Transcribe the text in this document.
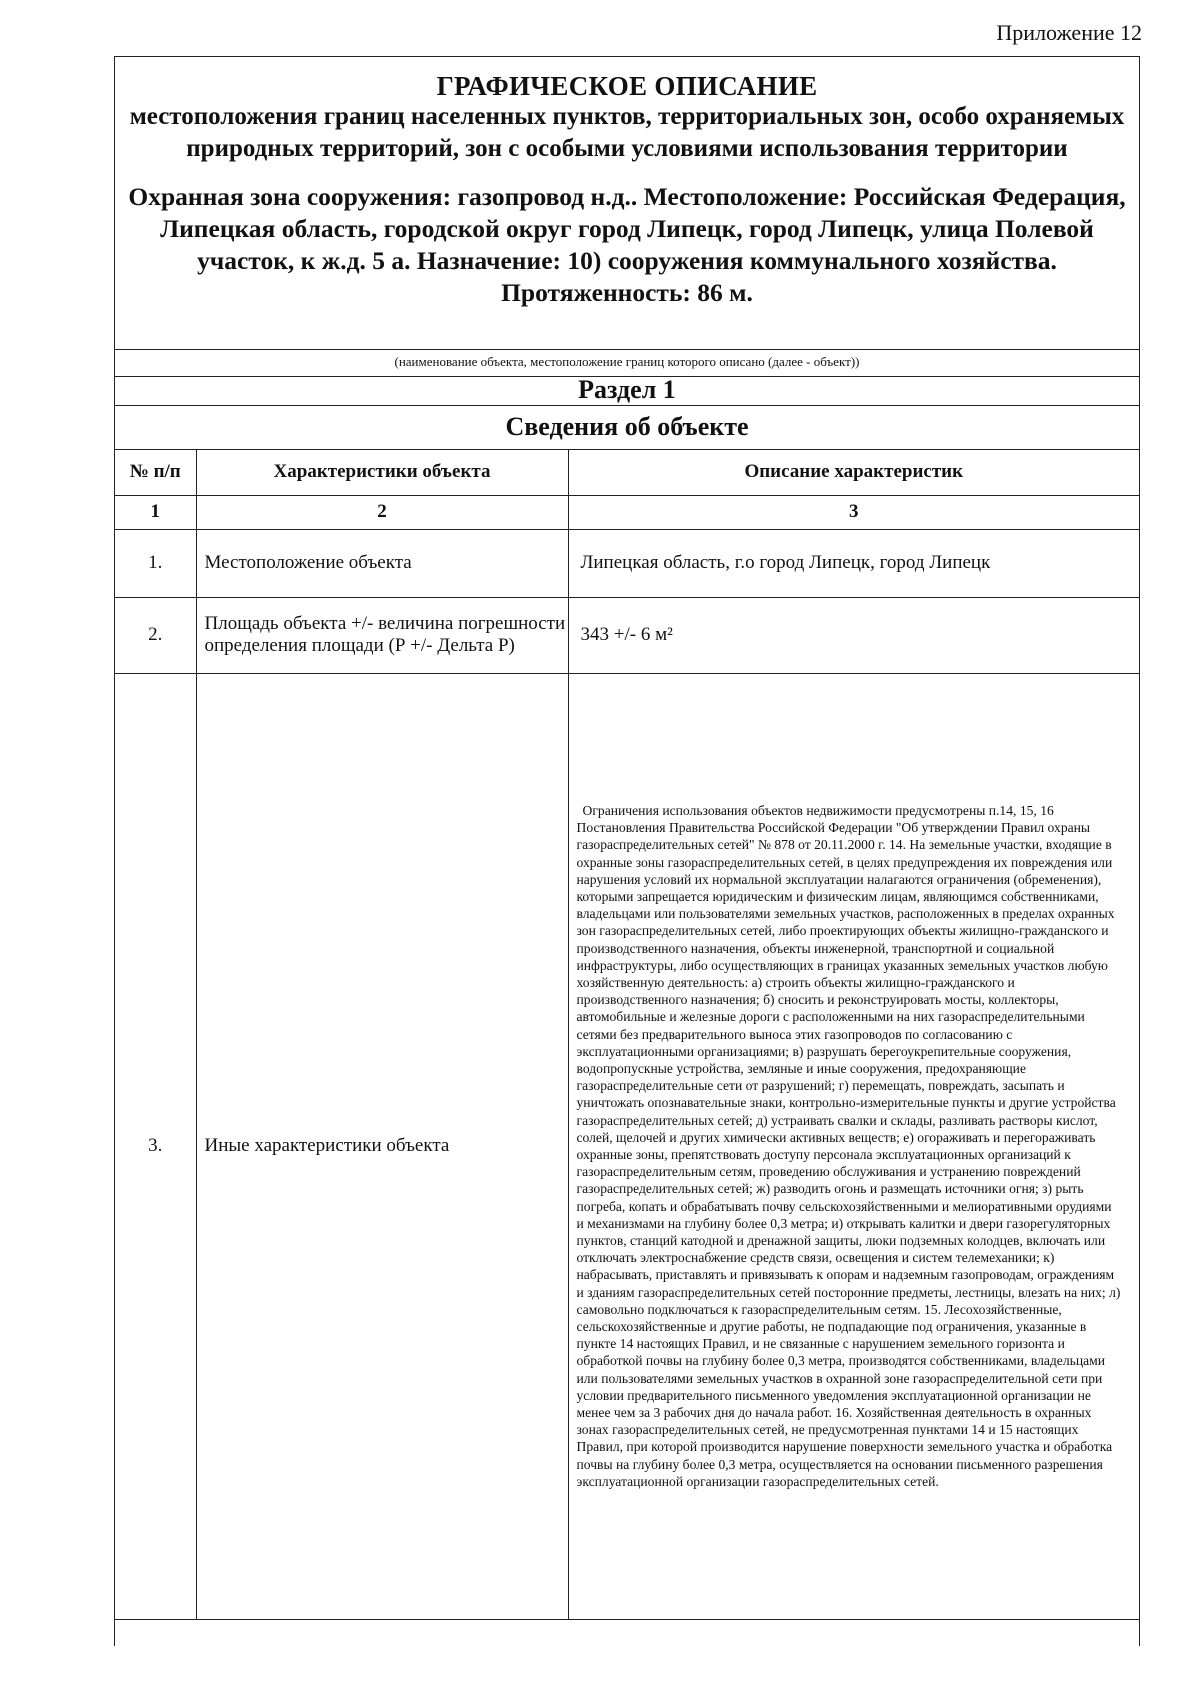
Приложение 12
ГРАФИЧЕСКОЕ ОПИСАНИЕ
местоположения границ населенных пунктов, территориальных зон, особо охраняемых природных территорий, зон с особыми условиями использования территории
Охранная зона сооружения: газопровод н.д.. Местоположение: Российская Федерация, Липецкая область, городской округ город Липецк, город Липецк, улица Полевой участок, к ж.д. 5 а. Назначение: 10) сооружения коммунального хозяйства. Протяженность: 86 м.
(наименование объекта, местоположение границ которого описано (далее - объект))
Раздел 1
Сведения об объекте
№ п/п	Характеристики объекта	Описание характеристик
1	2	3
1.	Местоположение объекта	Липецкая область, г.о город Липецк, город Липецк
2.	Площадь объекта +/- величина погрешности определения площади (Р +/- Дельта Р)	343 +/- 6 м²
3.	Иные характеристики объекта	Ограничения использования объектов недвижимости предусмотрены п.14, 15, 16 Постановления Правительства Российской Федерации "Об утверждении Правил охраны газораспределительных сетей" № 878 от 20.11.2000 г. 14. На земельные участки, входящие в охранные зоны газораспределительных сетей, в целях предупреждения их повреждения или нарушения условий их нормальной эксплуатации налагаются ограничения (обременения), которыми запрещается юридическим и физическим лицам, являющимся собственниками, владельцами или пользователями земельных участков, расположенных в пределах охранных зон газораспределительных сетей, либо проектирующих объекты жилищно-гражданского и производственного назначения, объекты инженерной, транспортной и социальной инфраструктуры, либо осуществляющих в границах указанных земельных участков любую хозяйственную деятельность: а) строить объекты жилищно-гражданского и производственного назначения; б) сносить и реконструировать мосты, коллекторы, автомобильные и железные дороги с расположенными на них газораспределительными сетями без предварительного выноса этих газопроводов по согласованию с эксплуатационными организациями; в) разрушать берегоукрепительные сооружения, водопропускные устройства, земляные и иные сооружения, предохраняющие газораспределительные сети от разрушений; г) перемещать, повреждать, засыпать и уничтожать опознавательные знаки, контрольно-измерительные пункты и другие устройства газораспределительных сетей; д) устраивать свалки и склады, разливать растворы кислот, солей, щелочей и других химически активных веществ; е) огораживать и перегораживать охранные зоны, препятствовать доступу персонала эксплуатационных организаций к газораспределительным сетям, проведению обслуживания и устранению повреждений газораспределительных сетей; ж) разводить огонь и размещать источники огня; з) рыть погреба, копать и обрабатывать почву сельскохозяйственными и мелиоративными орудиями и механизмами на глубину более 0,3 метра; и) открывать калитки и двери газорегуляторных пунктов, станций катодной и дренажной защиты, люки подземных колодцев, включать или отключать электроснабжение средств связи, освещения и систем телемеханики; к) набрасывать, приставлять и привязывать к опорам и надземным газопроводам, ограждениям и зданиям газораспределительных сетей посторонние предметы, лестницы, влезать на них; л) самовольно подключаться к газораспределительным сетям. 15. Лесохозяйственные, сельскохозяйственные и другие работы, не подпадающие под ограничения, указанные в пункте 14 настоящих Правил, и не связанные с нарушением земельного горизонта и обработкой почвы на глубину более 0,3 метра, производятся собственниками, владельцами или пользователями земельных участков в охранной зоне газораспределительной сети при условии предварительного письменного уведомления эксплуатационной организации не менее чем за 3 рабочих дня до начала работ. 16. Хозяйственная деятельность в охранных зонах газораспределительных сетей, не предусмотренная пунктами 14 и 15 настоящих Правил, при которой производится нарушение поверхности земельного участка и обработка почвы на глубину более 0,3 метра, осуществляется на основании письменного разрешения эксплуатационной организации газораспределительных сетей.
